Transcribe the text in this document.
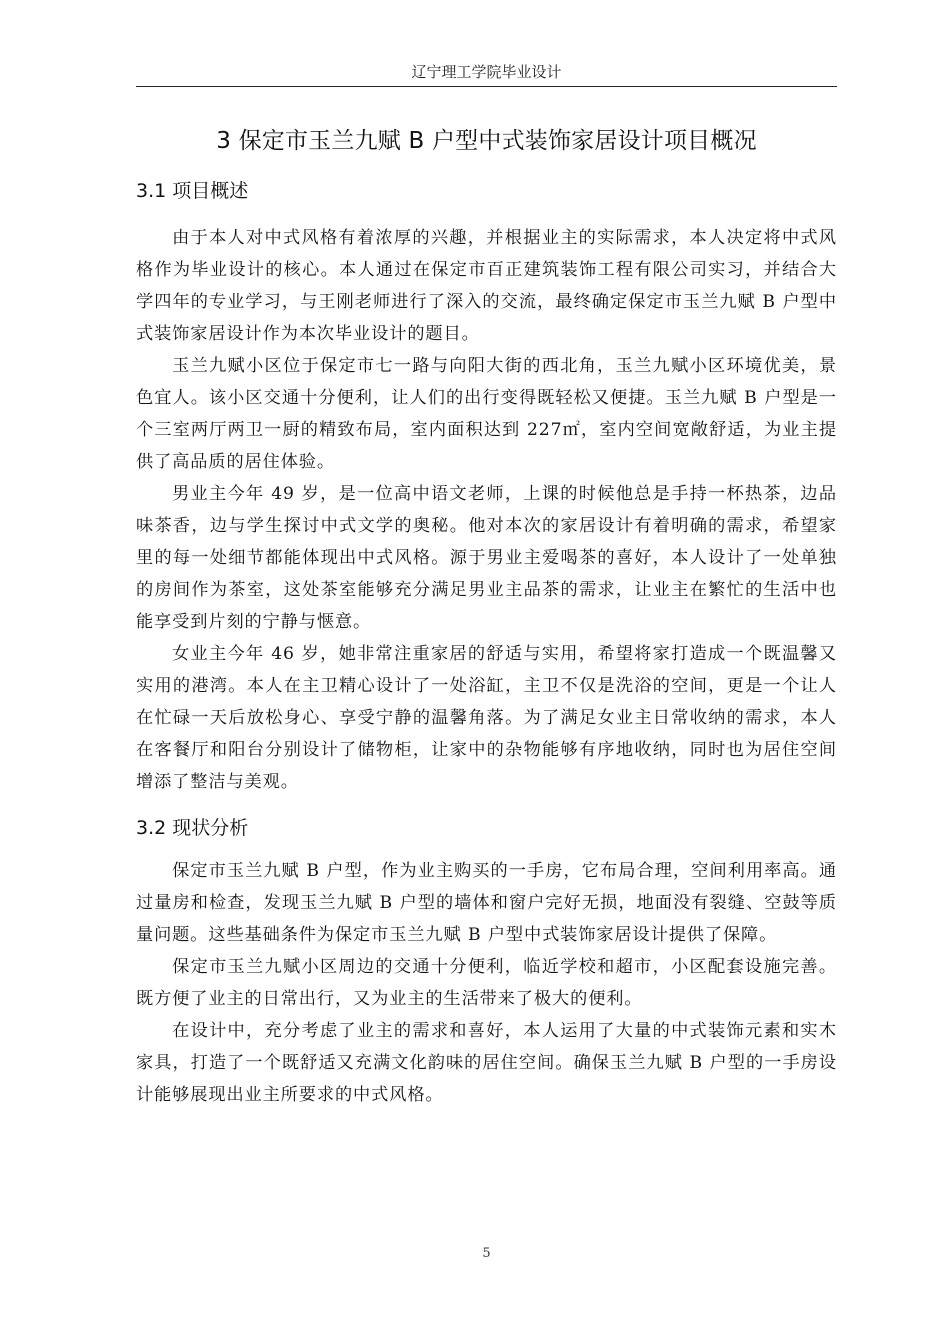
辽宁理工学院毕业设计
3 保定市玉兰九赋 B 户型中式装饰家居设计项目概况
3.1 项目概述

由于本人对中式风格有着浓厚的兴趣，并根据业主的实际需求，本人决定将中式风格作为毕业设计的核心。本人通过在保定市百正建筑装饰工程有限公司实习，并结合大学四年的专业学习，与王刚老师进行了深入的交流，最终确定保定市玉兰九赋 B 户型中式装饰家居设计作为本次毕业设计的题目。

玉兰九赋小区位于保定市七一路与向阳大街的西北角，玉兰九赋小区环境优美，景色宜人。该小区交通十分便利，让人们的出行变得既轻松又便捷。玉兰九赋 B 户型是一个三室两厅两卫一厨的精致布局，室内面积达到 227㎡，室内空间宽敞舒适，为业主提供了高品质的居住体验。

男业主今年 49 岁，是一位高中语文老师，上课的时候他总是手持一杯热茶，边品味茶香，边与学生探讨中式文学的奥秘。他对本次的家居设计有着明确的需求，希望家里的每一处细节都能体现出中式风格。源于男业主爱喝茶的喜好，本人设计了一处单独的房间作为茶室，这处茶室能够充分满足男业主品茶的需求，让业主在繁忙的生活中也能享受到片刻的宁静与惬意。

女业主今年 46 岁，她非常注重家居的舒适与实用，希望将家打造成一个既温馨又实用的港湾。本人在主卫精心设计了一处浴缸，主卫不仅是洗浴的空间，更是一个让人在忙碌一天后放松身心、享受宁静的温馨角落。为了满足女业主日常收纳的需求，本人在客餐厅和阳台分别设计了储物柜，让家中的杂物能够有序地收纳，同时也为居住空间增添了整洁与美观。

3.2 现状分析

保定市玉兰九赋 B 户型，作为业主购买的一手房，它布局合理，空间利用率高。通过量房和检查，发现玉兰九赋 B 户型的墙体和窗户完好无损，地面没有裂缝、空鼓等质量问题。这些基础条件为保定市玉兰九赋 B 户型中式装饰家居设计提供了保障。

保定市玉兰九赋小区周边的交通十分便利，临近学校和超市，小区配套设施完善。既方便了业主的日常出行，又为业主的生活带来了极大的便利。

在设计中，充分考虑了业主的需求和喜好，本人运用了大量的中式装饰元素和实木家具，打造了一个既舒适又充满文化韵味的居住空间。确保玉兰九赋 B 户型的一手房设计能够展现出业主所要求的中式风格。

5
